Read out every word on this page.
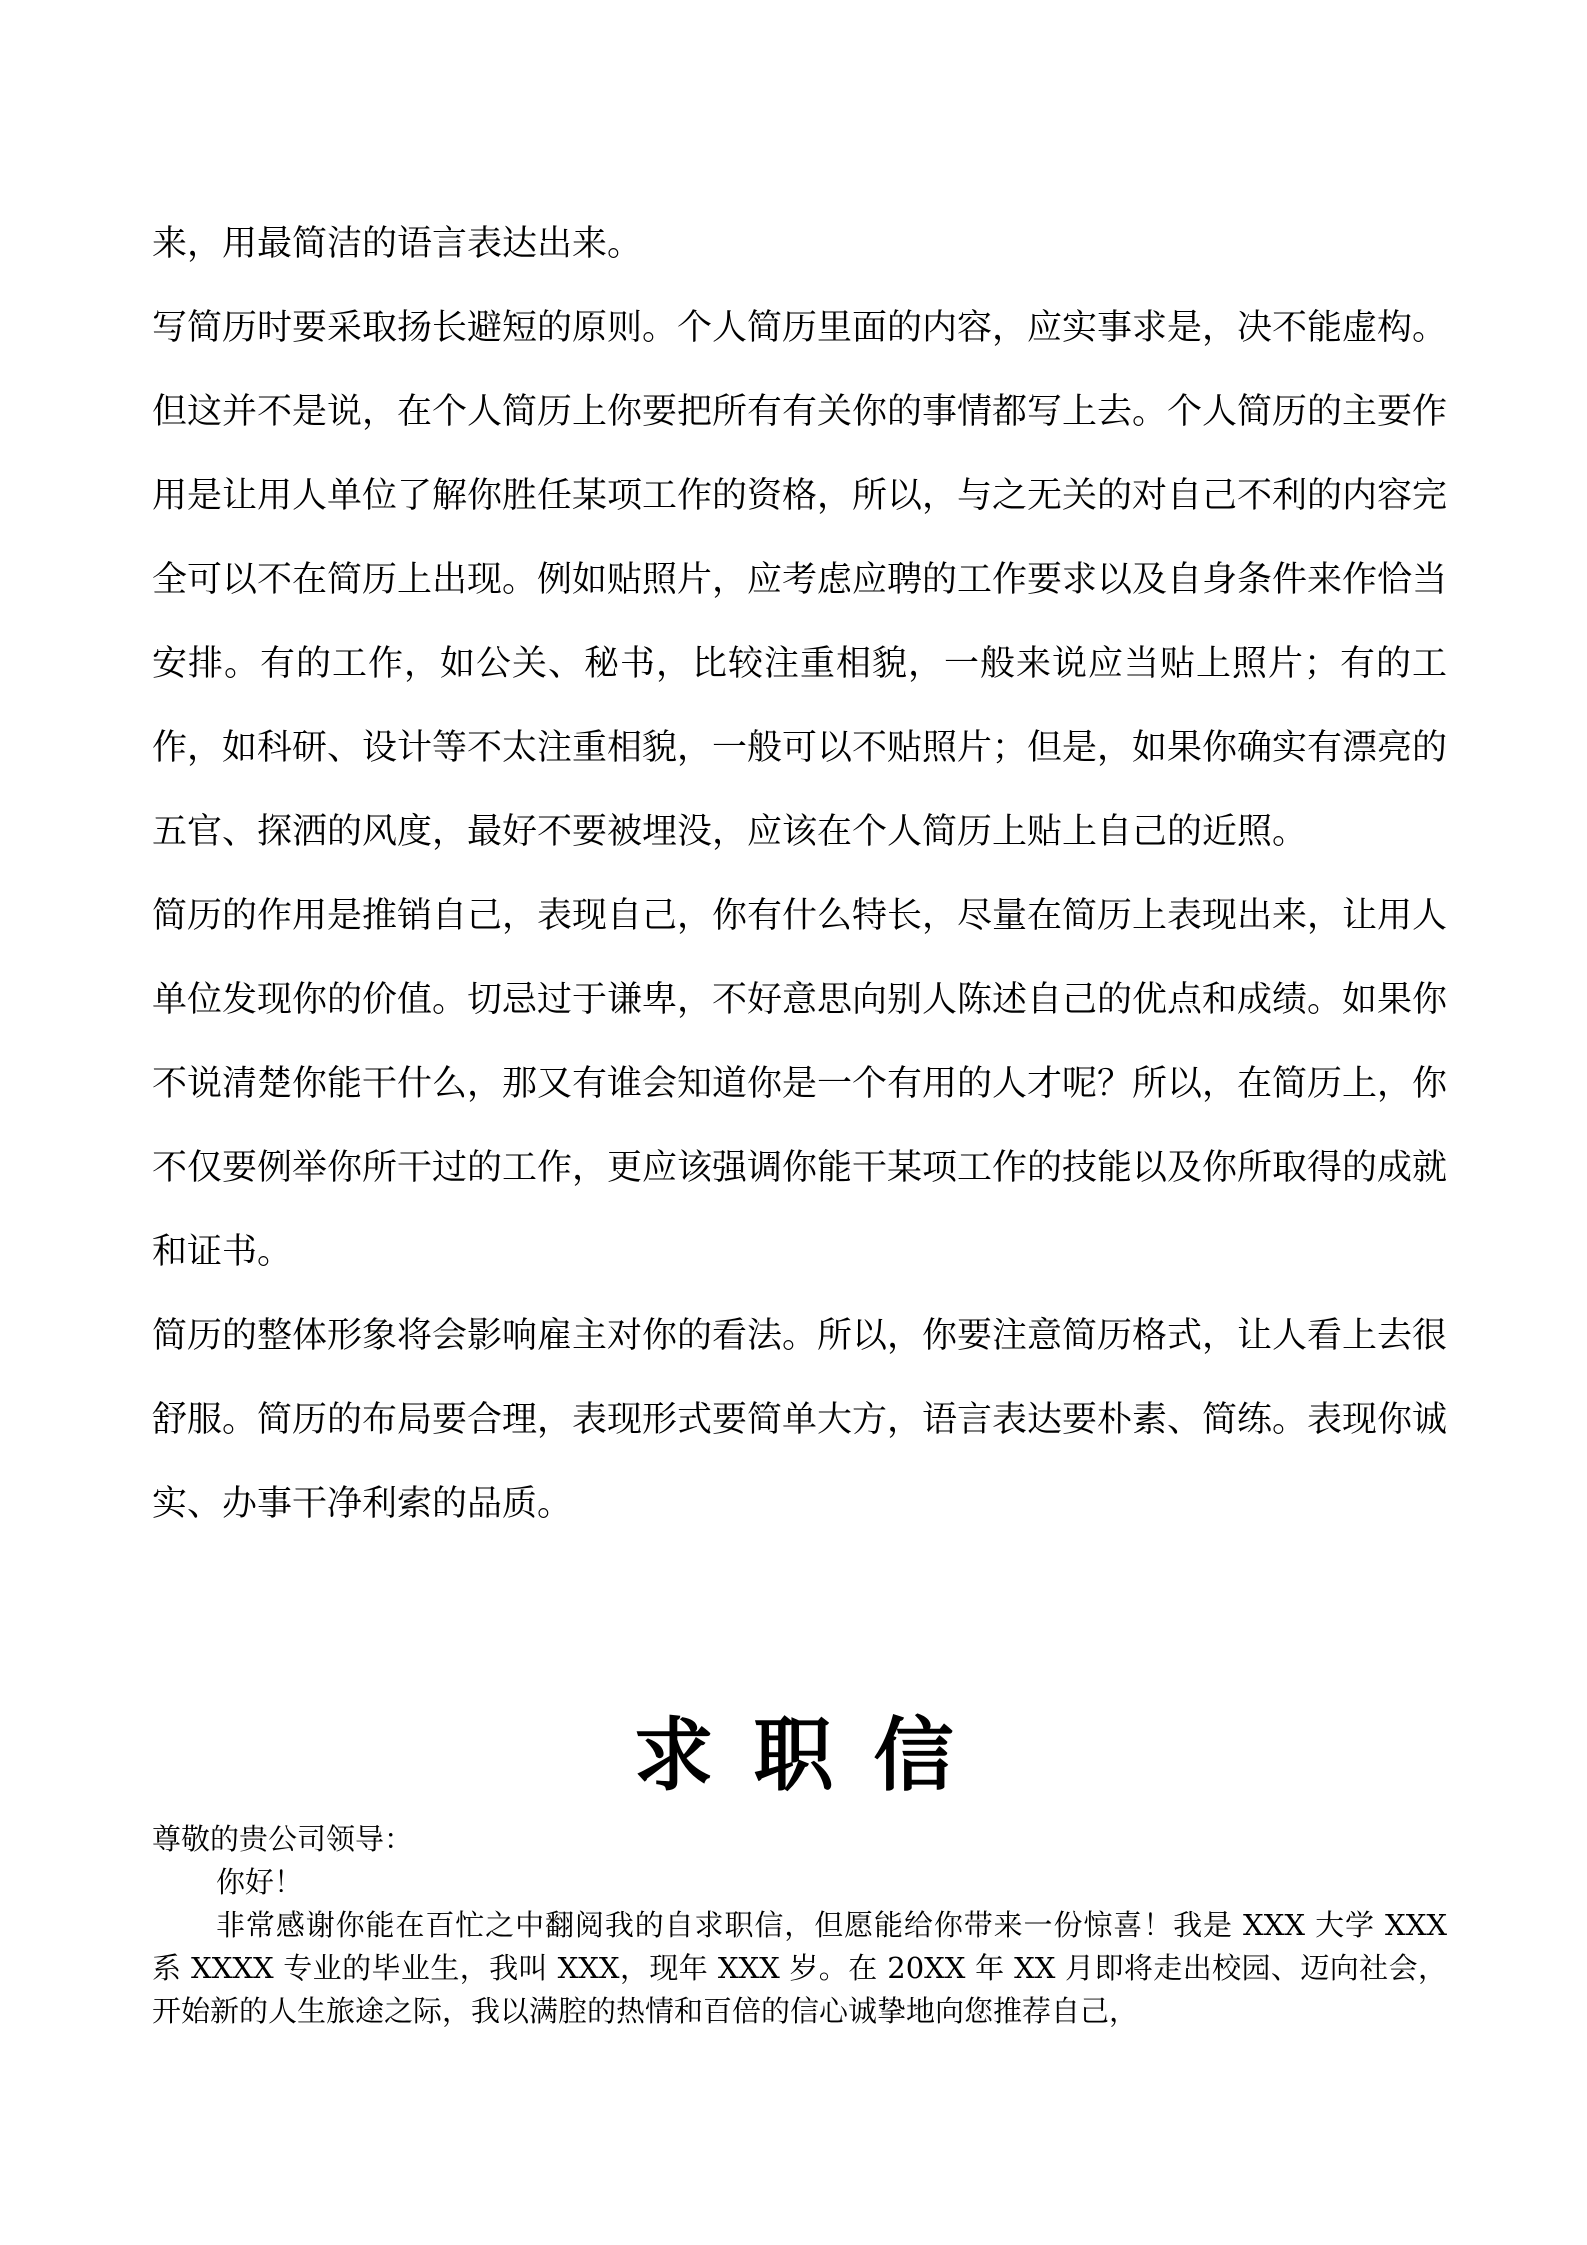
来，用最简洁的语言表达出来。

写简历时要采取扬长避短的原则。个人简历里面的内容，应实事求是，决不能虚构。但这并不是说，在个人简历上你要把所有有关你的事情都写上去。个人简历的主要作用是让用人单位了解你胜任某项工作的资格，所以，与之无关的对自己不利的内容完全可以不在简历上出现。例如贴照片，应考虑应聘的工作要求以及自身条件来作恰当安排。有的工作，如公关、秘书，比较注重相貌，一般来说应当贴上照片；有的工作，如科研、设计等不太注重相貌，一般可以不贴照片；但是，如果你确实有漂亮的五官、探洒的风度，最好不要被埋没，应该在个人简历上贴上自己的近照。

简历的作用是推销自己，表现自己，你有什么特长，尽量在简历上表现出来，让用人单位发现你的价值。切忌过于谦卑，不好意思向别人陈述自己的优点和成绩。如果你不说清楚你能干什么，那又有谁会知道你是一个有用的人才呢？所以，在简历上，你不仅要例举你所干过的工作，更应该强调你能干某项工作的技能以及你所取得的成就和证书。

简历的整体形象将会影响雇主对你的看法。所以，你要注意简历格式，让人看上去很舒服。简历的布局要合理，表现形式要简单大方，语言表达要朴素、简练。表现你诚实、办事干净利索的品质。

求职信

尊敬的贵公司领导：

你好！

非常感谢你能在百忙之中翻阅我的自求职信，但愿能给你带来一份惊喜！我是 XXX 大学 XXX 系 XXXX 专业的毕业生，我叫 XXX，现年 XXX 岁。在 20XX 年 XX 月即将走出校园、迈向社会，开始新的人生旅途之际，我以满腔的热情和百倍的信心诚挚地向您推荐自己，
